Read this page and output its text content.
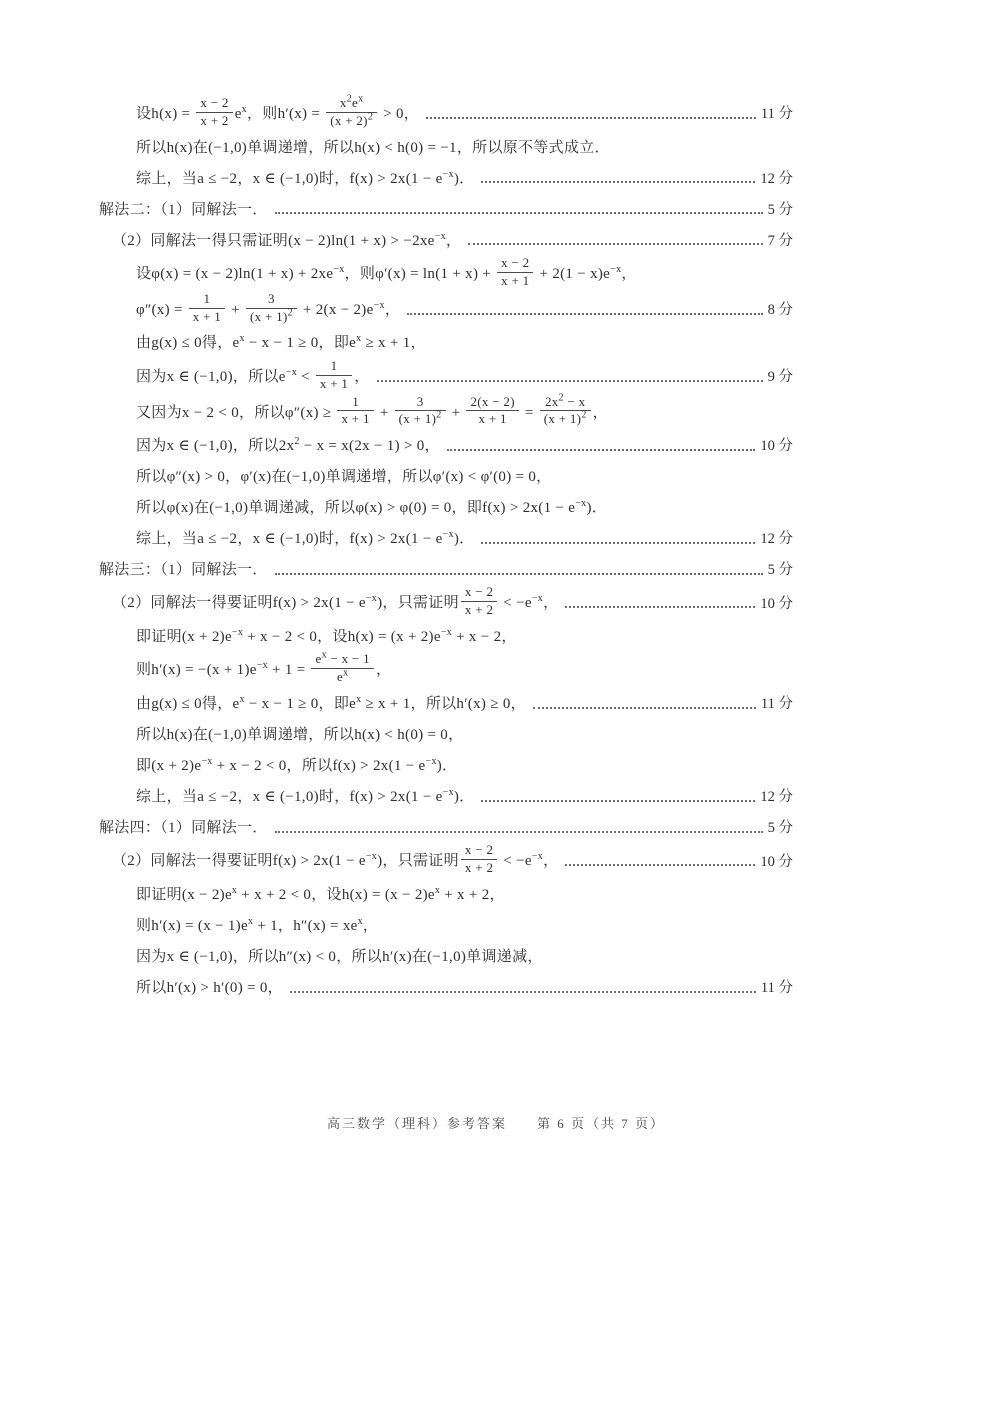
设$h(x) = \frac{x - 2}{x + 2} e^x$，则$h'(x) = \frac{x^2e^x}{(x + 2)^2} > 0$，	11 分
所以h(x)在(−1,0)单调递增，所以h(x) < h(0) = −1，所以原不等式成立．
综上，当a ≤ −2，x ∈ (−1,0)时，$f(x) > 2x(1 - e^{-x})$．	12 分
解法二：（1）同解法一．	5 分
（2）同解法一得只需证明$(x - 2)\ln(1 + x) > -2xe^{-x}$，	7 分
设$\varphi(x) = (x - 2)\ln(1 + x) + 2xe^{-x}$，则$\varphi'(x) = \ln(1 + x) + \frac{x - 2}{x + 1} + 2(1 - x)e^{-x}$，
$\varphi''(x) = \frac{1}{x + 1} + \frac{3}{(x + 1)^2} + 2(x - 2)e^{-x}$，	8 分
由g(x) ≤ 0得，$e^x - x - 1 \ge 0$，即$e^x \ge x + 1$，
因为x ∈ (−1,0)，所以$e^{-x} < \frac{1}{x + 1}$ ，	9 分
又因为x − 2 < 0，所以$\varphi''(x) \ge \frac{1}{x + 1} + \frac{3}{(x + 1)^2} + \frac{2(x - 2)}{x + 1} = \frac{2x^2 - x}{(x + 1)^2}$ ，
因为x ∈ (−1,0)，所以$2x^2 - x = x(2x - 1) > 0$，	10 分
所以φ″(x) > 0，φ′(x)在(−1,0)单调递增，所以φ′(x) < φ′(0) = 0，
所以φ(x)在(−1,0)单调递减，所以φ(x) > φ(0) = 0，即$f(x) > 2x(1 - e^{-x})$．
综上，当a ≤ −2，x ∈ (−1,0)时，$f(x) > 2x(1 - e^{-x})$．	12 分
解法三：（1）同解法一．	5 分
（2）同解法一得要证明$f(x) > 2x(1 - e^{-x})$，只需证明 $\frac{x - 2}{x + 2} < -e^{-x}$，	10 分
即证明$(x + 2)e^{-x} + x - 2 < 0$，设$h(x) = (x + 2)e^{-x} + x - 2$，
则$h'(x) = -(x + 1)e^{-x} + 1 = \frac{e^x - x - 1}{e^x}$ ，
由g(x) ≤ 0得，$e^x - x - 1 \ge 0$，即$e^x \ge x + 1$，所以h′(x) ≥ 0，	11 分
所以h(x)在(−1,0)单调递增，所以h(x) < h(0) = 0，
即$(x + 2)e^{-x} + x - 2 < 0$，所以$f(x) > 2x(1 - e^{-x})$．
综上，当a ≤ −2，x ∈ (−1,0)时，$f(x) > 2x(1 - e^{-x})$．	12 分
解法四：（1）同解法一．	5 分
（2）同解法一得要证明$f(x) > 2x(1 - e^{-x})$，只需证明 $\frac{x - 2}{x + 2} < -e^{-x}$，	10 分
即证明$(x - 2)e^x + x + 2 < 0$，设$h(x) = (x - 2)e^x + x + 2$，
则$h'(x) = (x - 1)e^x + 1$，$h''(x) = xe^x$，
因为x ∈ (−1,0)，所以h″(x) < 0，所以h′(x)在(−1,0)单调递减，
所以h′(x) > h′(0) = 0，	11 分
高三数学（理科）参考答案　　第 6 页（共 7 页）
